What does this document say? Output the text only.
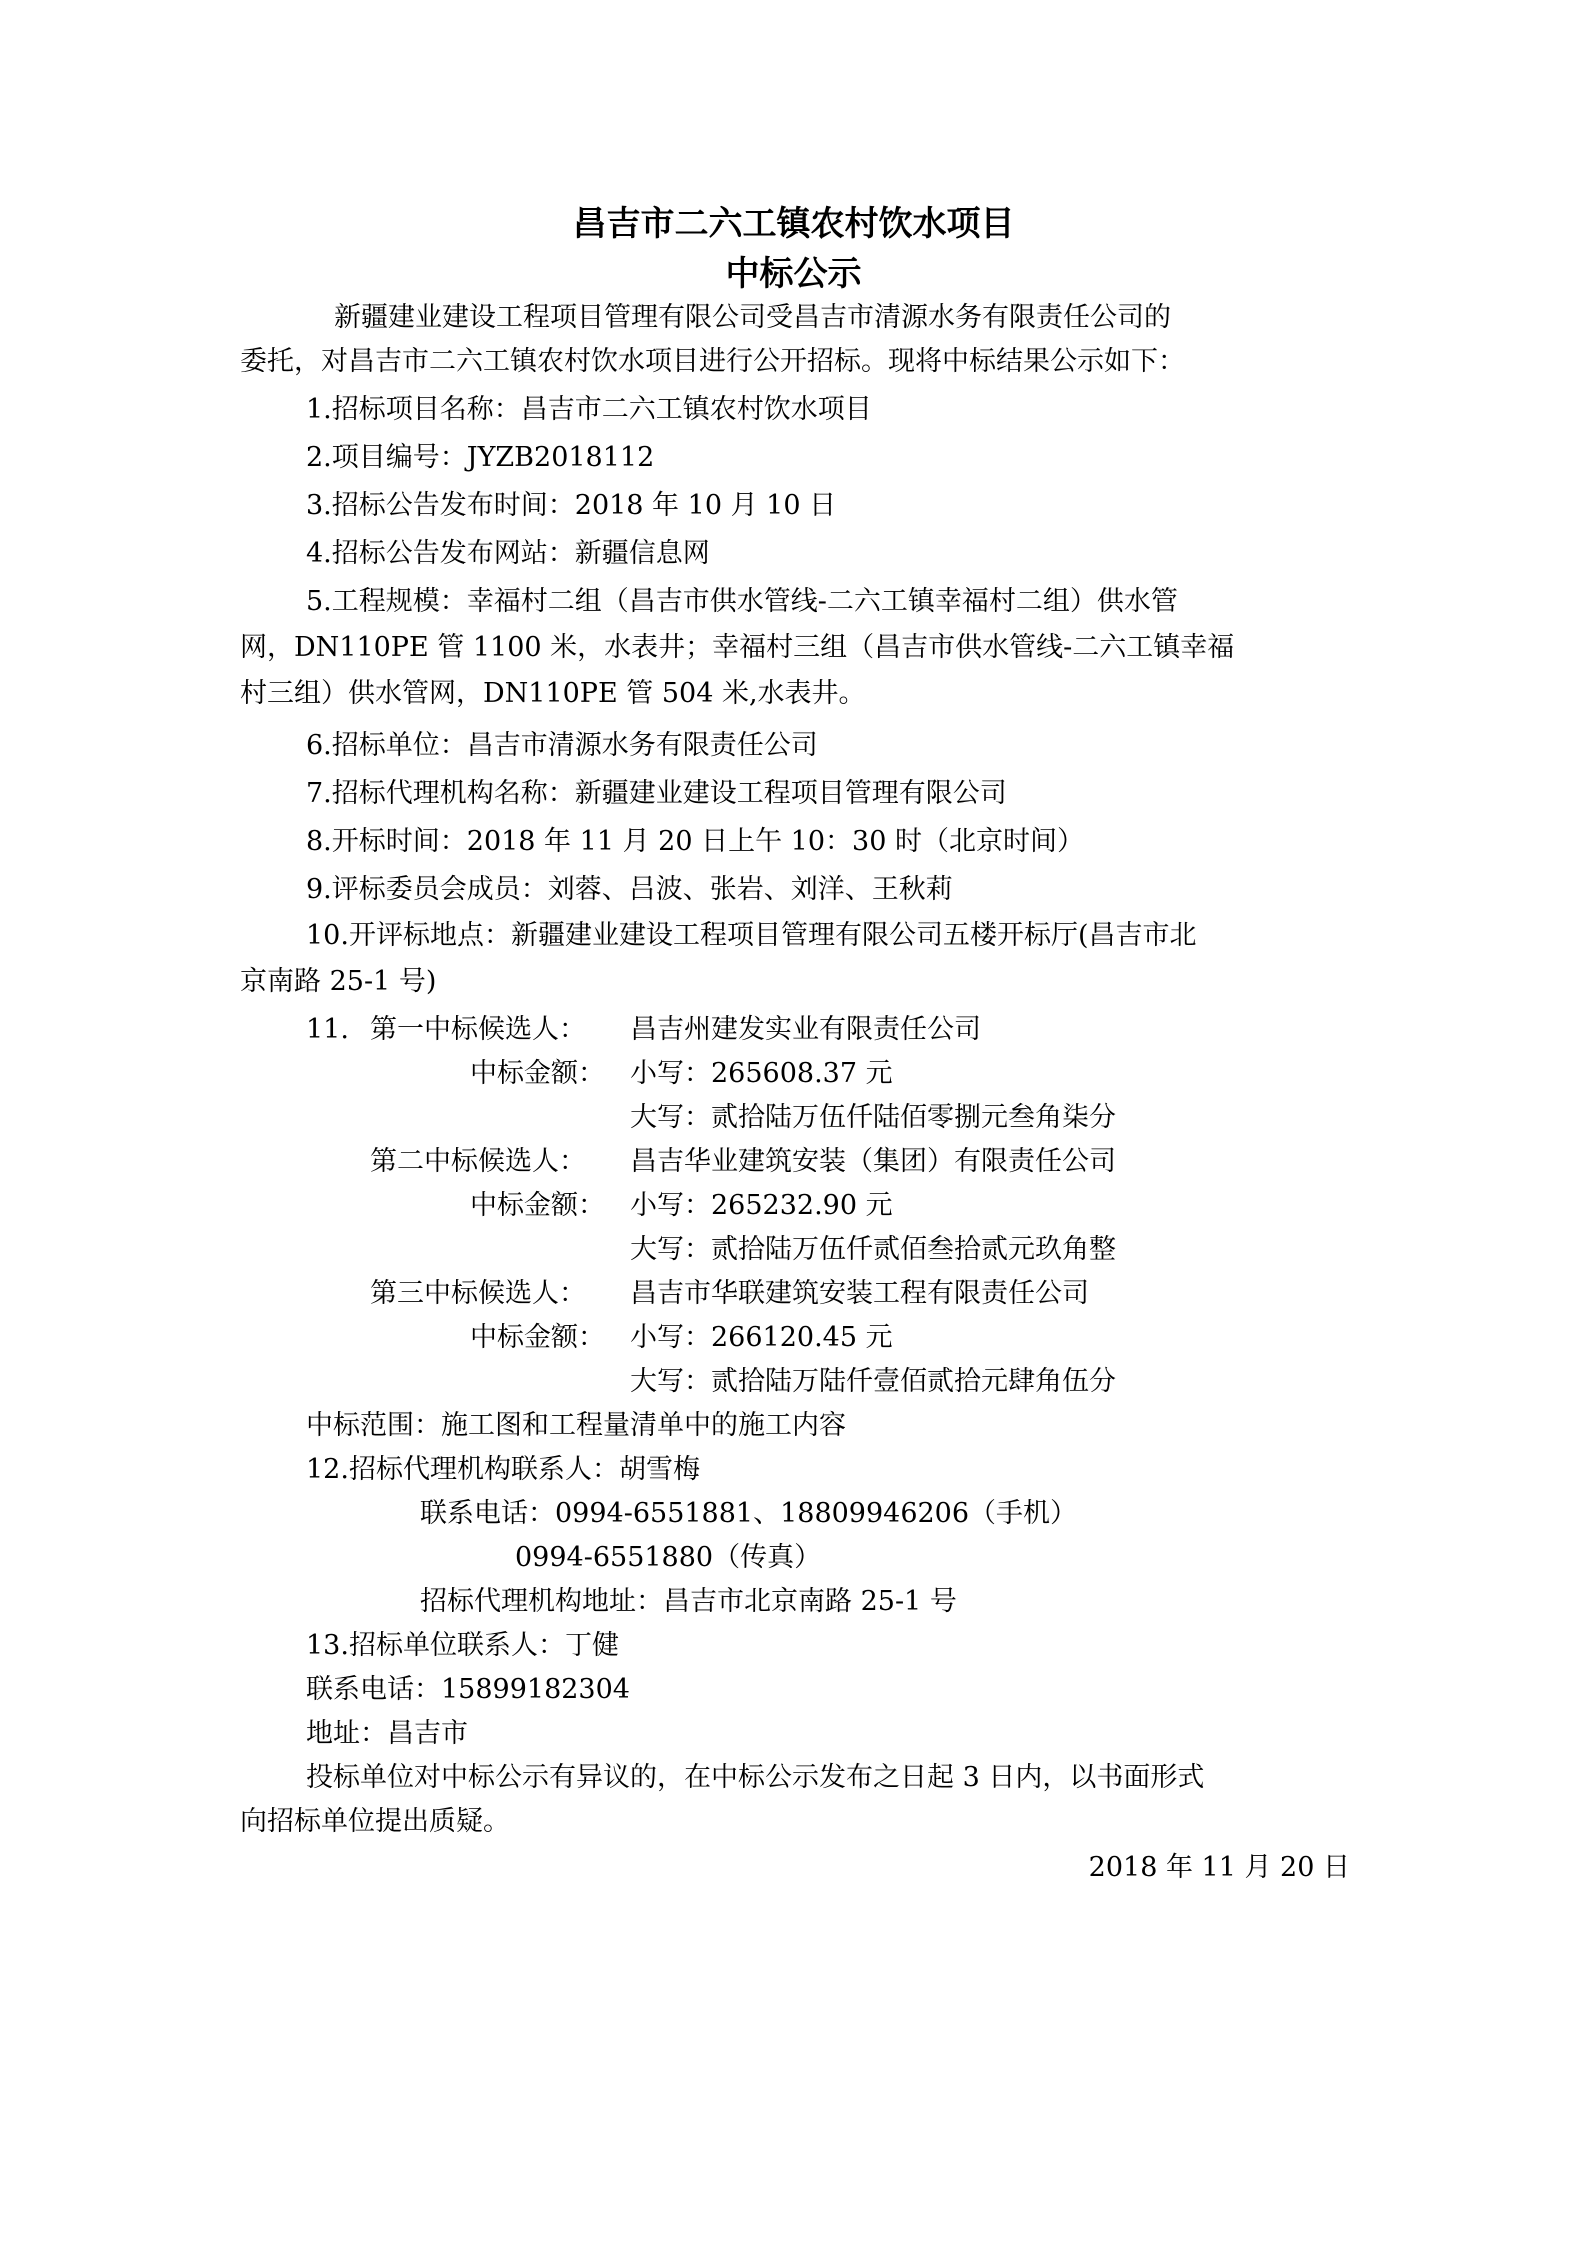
昌吉市二六工镇农村饮水项目
中标公示
新疆建业建设工程项目管理有限公司受昌吉市清源水务有限责任公司的
委托，对昌吉市二六工镇农村饮水项目进行公开招标。现将中标结果公示如下：
1.招标项目名称：昌吉市二六工镇农村饮水项目
2.项目编号：JYZB2018112
3.招标公告发布时间：2018 年 10 月 10 日
4.招标公告发布网站：新疆信息网
5.工程规模：幸福村二组（昌吉市供水管线-二六工镇幸福村二组）供水管
网，DN110PE 管 1100 米，水表井；幸福村三组（昌吉市供水管线-二六工镇幸福
村三组）供水管网，DN110PE 管 504 米,水表井。
6.招标单位：昌吉市清源水务有限责任公司
7.招标代理机构名称：新疆建业建设工程项目管理有限公司
8.开标时间：2018 年 11 月 20 日上午 10：30 时（北京时间）
9.评标委员会成员：刘蓉、吕波、张岩、刘洋、王秋莉
10.开评标地点：新疆建业建设工程项目管理有限公司五楼开标厅(昌吉市北
京南路 25-1 号)
11. 第一中标候选人：	昌吉州建发实业有限责任公司
中标金额： 小写：265608.37 元
大写：贰拾陆万伍仟陆佰零捌元叁角柒分
第二中标候选人：	昌吉华业建筑安装（集团）有限责任公司
中标金额： 小写：265232.90 元
大写：贰拾陆万伍仟贰佰叁拾贰元玖角整
第三中标候选人：	昌吉市华联建筑安装工程有限责任公司
中标金额： 小写：266120.45 元
大写：贰拾陆万陆仟壹佰贰拾元肆角伍分
中标范围：施工图和工程量清单中的施工内容
12.招标代理机构联系人：胡雪梅
联系电话：0994-6551881、18809946206（手机）
0994-6551880（传真）
招标代理机构地址：昌吉市北京南路 25-1 号
13.招标单位联系人：丁健
联系电话：15899182304
地址：昌吉市
投标单位对中标公示有异议的，在中标公示发布之日起 3 日内，以书面形式
向招标单位提出质疑。
2018 年 11 月 20 日
